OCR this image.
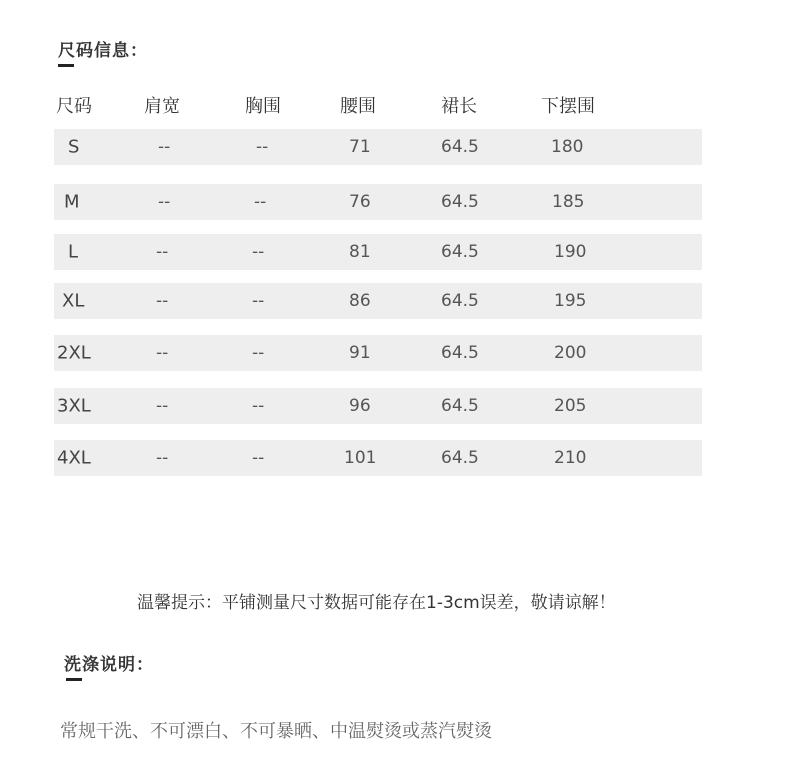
尺码信息：
尺码	肩宽	胸围	腰围	裙长	下摆围
S	--	--	71	64.5	180
M	--	--	76	64.5	185
L	--	--	81	64.5	190
XL	--	--	86	64.5	195
2XL	--	--	91	64.5	200
3XL	--	--	96	64.5	205
4XL	--	--	101	64.5	210
温馨提示：平铺测量尺寸数据可能存在1-3cm误差，敬请谅解！
洗涤说明：
常规干洗、不可漂白、不可暴晒、中温熨烫或蒸汽熨烫
